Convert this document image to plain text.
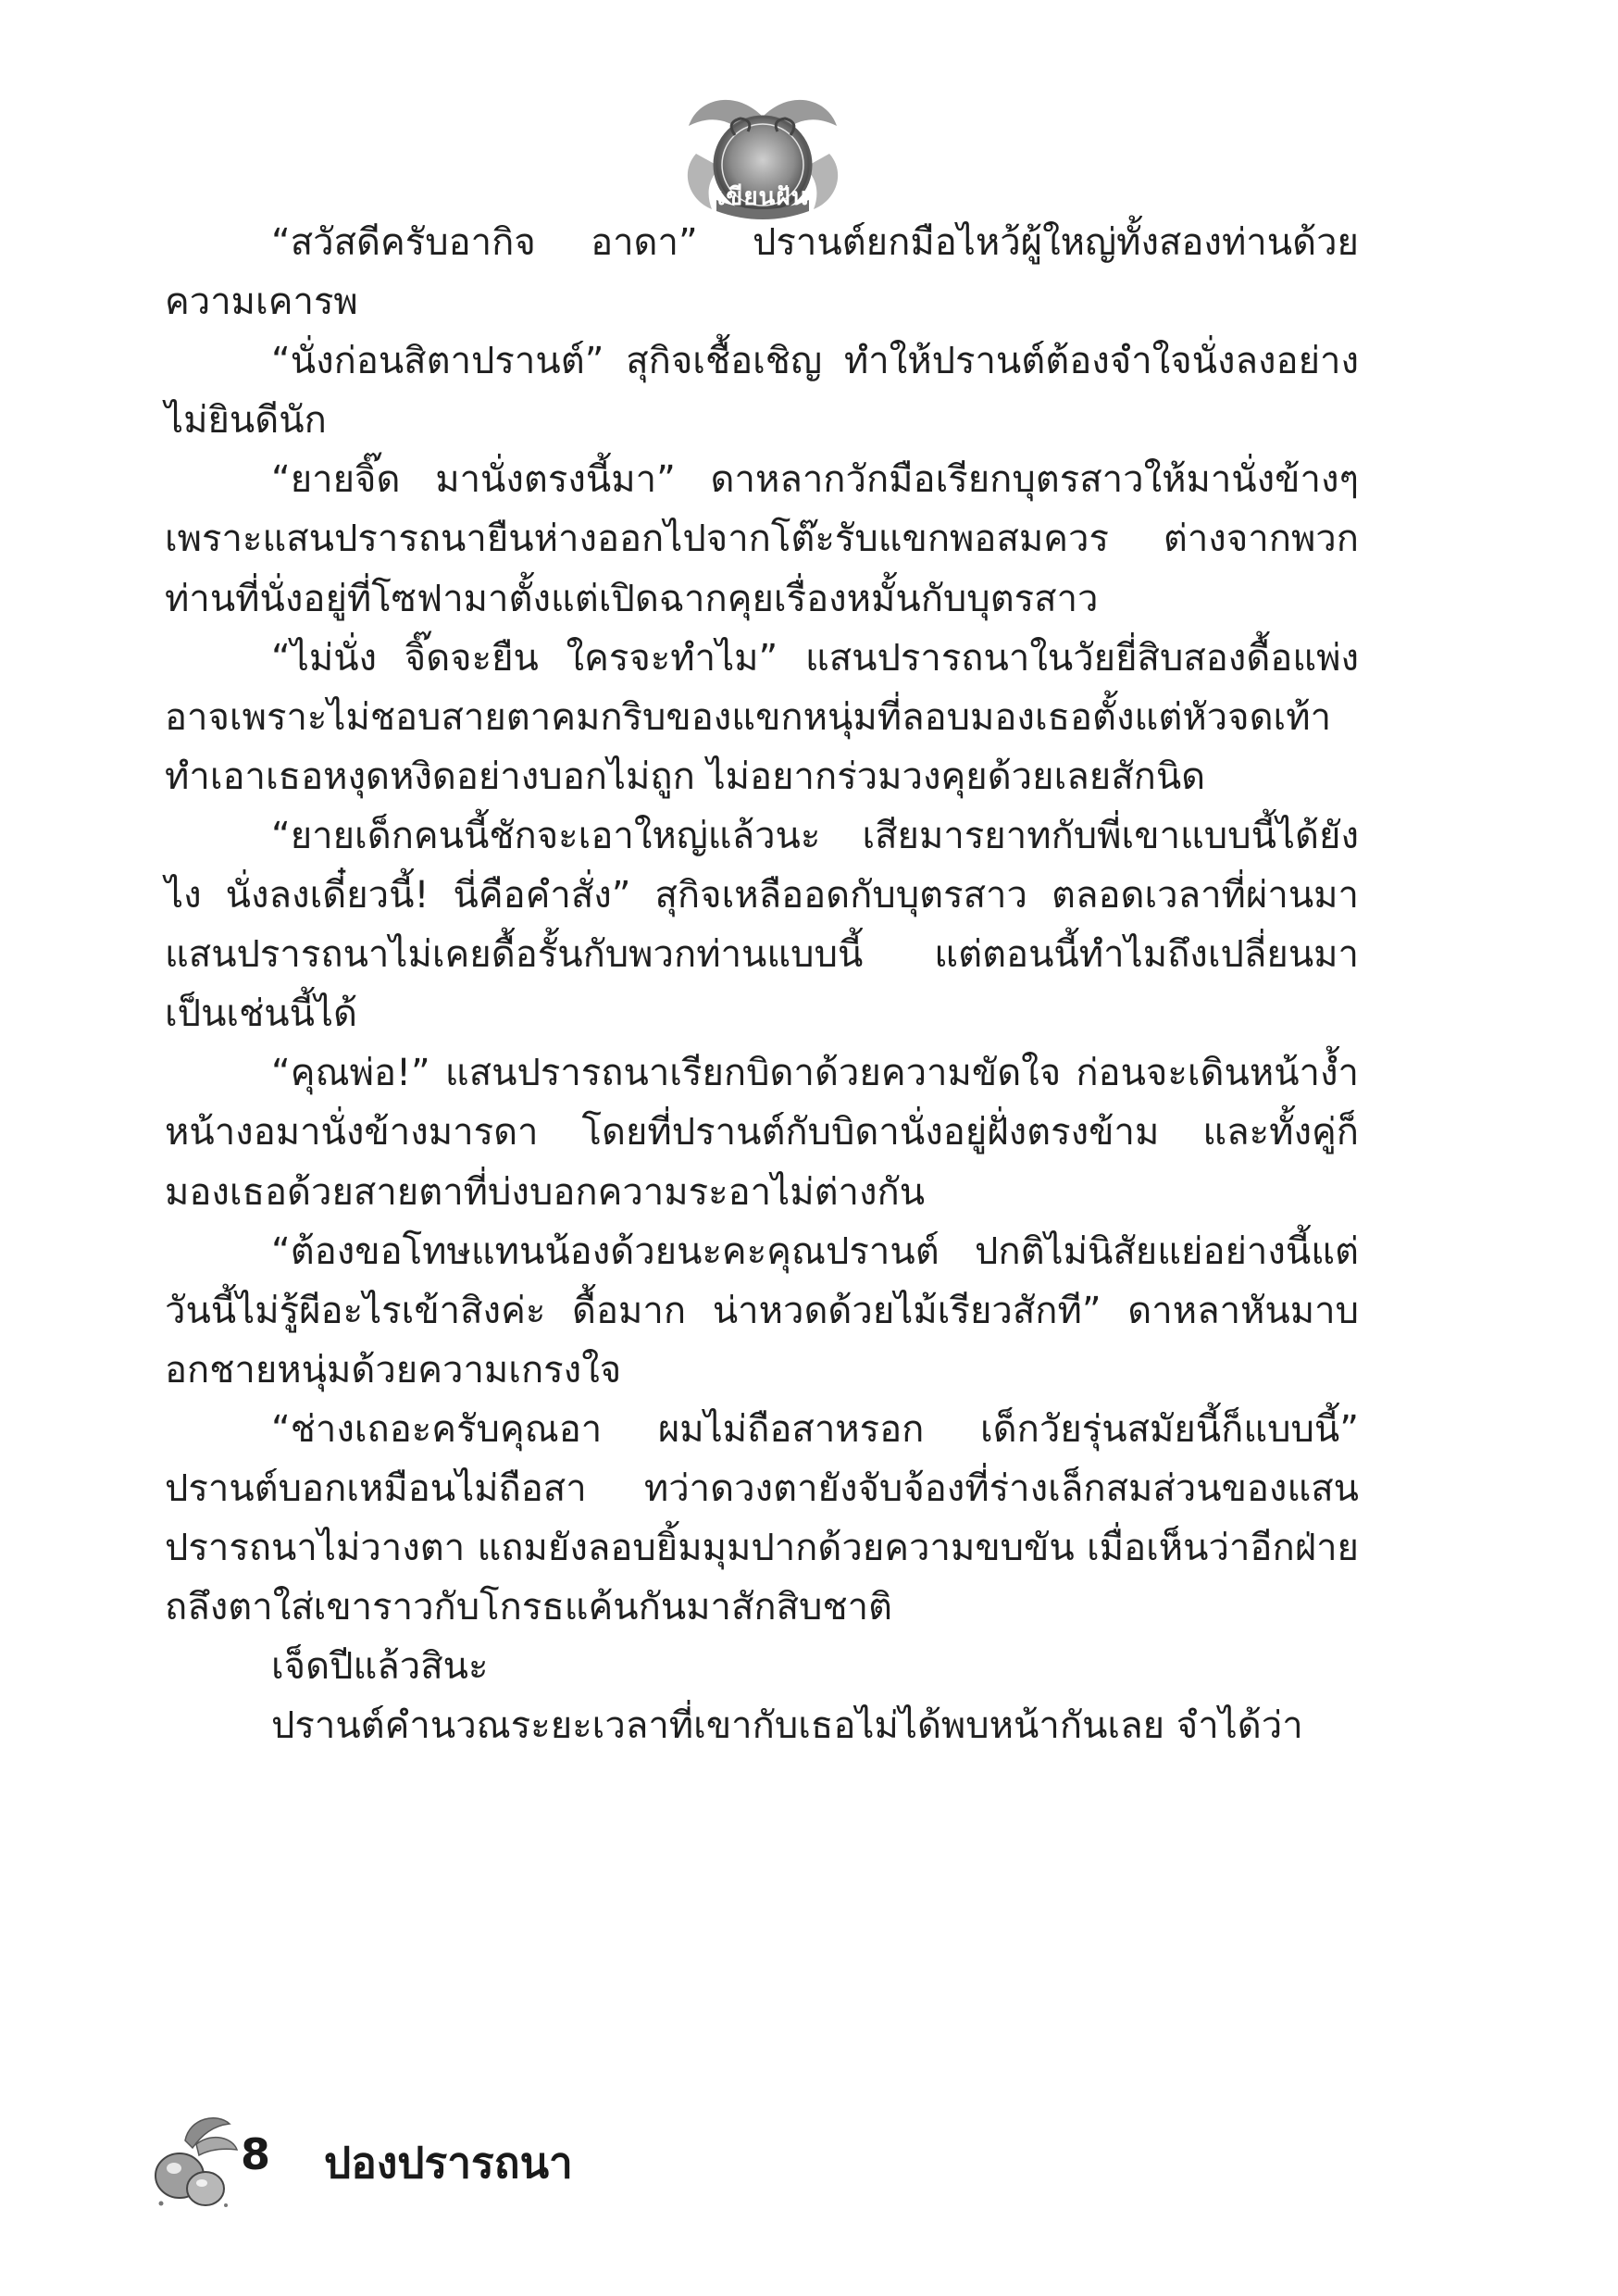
เขียนฝัน

“สวัสดีครับอากิจ อาดา” ปรานต์ยกมือไหว้ผู้ใหญ่ทั้งสองท่านด้วยความเคารพ

“นั่งก่อนสิตาปรานต์” สุกิจเชื้อเชิญ ทำให้ปรานต์ต้องจำใจนั่งลงอย่างไม่ยินดีนัก

“ยายจิ๊ด มานั่งตรงนี้มา” ดาหลากวักมือเรียกบุตรสาวให้มานั่งข้างๆ เพราะแสนปรารถนายืนห่างออกไปจากโต๊ะรับแขกพอสมควร ต่างจากพวกท่านที่นั่งอยู่ที่โซฟามาตั้งแต่เปิดฉากคุยเรื่องหมั้นกับบุตรสาว

“ไม่นั่ง จิ๊ดจะยืน ใครจะทำไม” แสนปรารถนาในวัยยี่สิบสองดื้อแพ่ง อาจเพราะไม่ชอบสายตาคมกริบของแขกหนุ่มที่ลอบมองเธอตั้งแต่หัวจดเท้า ทำเอาเธอหงุดหงิดอย่างบอกไม่ถูก ไม่อยากร่วมวงคุยด้วยเลยสักนิด

“ยายเด็กคนนี้ชักจะเอาใหญ่แล้วนะ เสียมารยาทกับพี่เขาแบบนี้ได้ยังไง นั่งลงเดี๋ยวนี้! นี่คือคำสั่ง” สุกิจเหลืออดกับบุตรสาว ตลอดเวลาที่ผ่านมาแสนปรารถนาไม่เคยดื้อรั้นกับพวกท่านแบบนี้ แต่ตอนนี้ทำไมถึงเปลี่ยนมาเป็นเช่นนี้ได้

“คุณพ่อ!” แสนปรารถนาเรียกบิดาด้วยความขัดใจ ก่อนจะเดินหน้างํ้าหน้างอมานั่งข้างมารดา โดยที่ปรานต์กับบิดานั่งอยู่ฝั่งตรงข้าม และทั้งคู่ก็มองเธอด้วยสายตาที่บ่งบอกความระอาไม่ต่างกัน

“ต้องขอโทษแทนน้องด้วยนะคะคุณปรานต์ ปกติไม่นิสัยแย่อย่างนี้แต่วันนี้ไม่รู้ผีอะไรเข้าสิงค่ะ ดื้อมาก น่าหวดด้วยไม้เรียวสักที” ดาหลาหันมาบอกชายหนุ่มด้วยความเกรงใจ

“ช่างเถอะครับคุณอา ผมไม่ถือสาหรอก เด็กวัยรุ่นสมัยนี้ก็แบบนี้” ปรานต์บอกเหมือนไม่ถือสา ทว่าดวงตายังจับจ้องที่ร่างเล็กสมส่วนของแสนปรารถนาไม่วางตา แถมยังลอบยิ้มมุมปากด้วยความขบขัน เมื่อเห็นว่าอีกฝ่ายถลึงตาใส่เขาราวกับโกรธแค้นกันมาสักสิบชาติ

เจ็ดปีแล้วสินะ

ปรานต์คำนวณระยะเวลาที่เขากับเธอไม่ได้พบหน้ากันเลย จำได้ว่า

8 ปองปรารถนา
